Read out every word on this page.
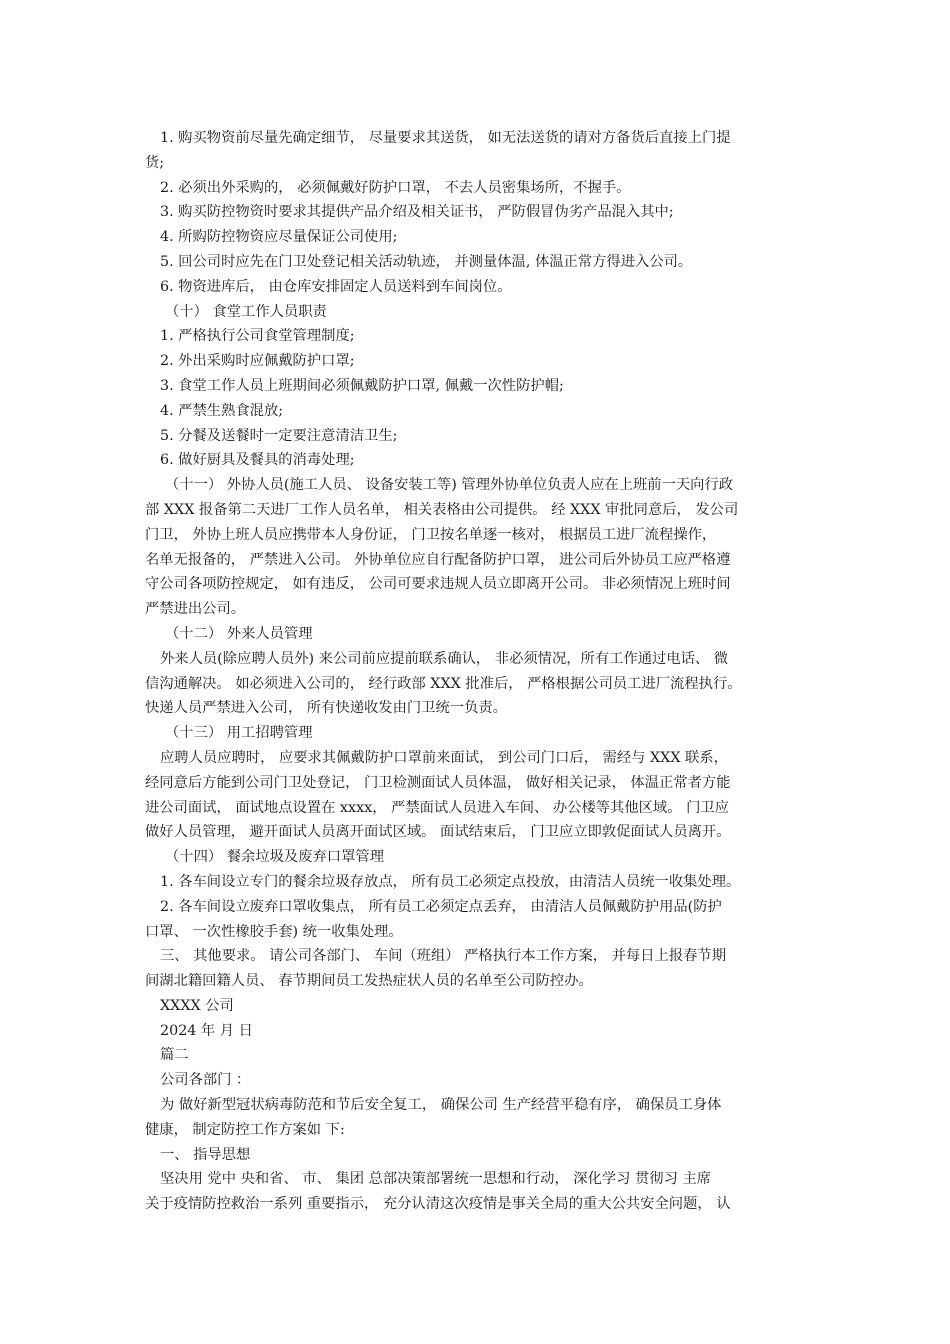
1. 购买物资前尽量先确定细节， 尽量要求其送货， 如无法送货的请对方备货后直接上门提
货;
2. 必须出外采购的， 必须佩戴好防护口罩， 不去人员密集场所，不握手。
3. 购买防控物资时要求其提供产品介绍及相关证书， 严防假冒伪劣产品混入其中;
4. 所购防控物资应尽量保证公司使用;
5. 回公司时应先在门卫处登记相关活动轨迹， 并测量体温, 体温正常方得进入公司。
6. 物资进库后， 由仓库安排固定人员送料到车间岗位。
（十） 食堂工作人员职责
1. 严格执行公司食堂管理制度;
2. 外出采购时应佩戴防护口罩;
3. 食堂工作人员上班期间必须佩戴防护口罩, 佩戴一次性防护帽;
4. 严禁生熟食混放;
5. 分餐及送餐时一定要注意清洁卫生;
6. 做好厨具及餐具的消毒处理;
（十一） 外协人员(施工人员、 设备安装工等) 管理外协单位负责人应在上班前一天向行政
部 XXX 报备第二天进厂工作人员名单， 相关表格由公司提供。 经 XXX 审批同意后， 发公司
门卫， 外协上班人员应携带本人身份证， 门卫按名单逐一核对， 根据员工进厂流程操作，
名单无报备的， 严禁进入公司。 外协单位应自行配备防护口罩， 进公司后外协员工应严格遵
守公司各项防控规定， 如有违反， 公司可要求违规人员立即离开公司。 非必须情况上班时间
严禁进出公司。
（十二） 外来人员管理
外来人员(除应聘人员外) 来公司前应提前联系确认， 非必须情况，所有工作通过电话、 微
信沟通解决。 如必须进入公司的， 经行政部 XXX 批准后， 严格根据公司员工进厂流程执行。
快递人员严禁进入公司， 所有快递收发由门卫统一负责。
（十三） 用工招聘管理
应聘人员应聘时， 应要求其佩戴防护口罩前来面试， 到公司门口后， 需经与 XXX 联系，
经同意后方能到公司门卫处登记， 门卫检测面试人员体温， 做好相关记录， 体温正常者方能
进公司面试， 面试地点设置在 xxxx， 严禁面试人员进入车间、 办公楼等其他区域。 门卫应
做好人员管理， 避开面试人员离开面试区域。 面试结束后， 门卫应立即敦促面试人员离开。
（十四） 餐余垃圾及废弃口罩管理
1. 各车间设立专门的餐余垃圾存放点， 所有员工必须定点投放，由清洁人员统一收集处理。
2. 各车间设立废弃口罩收集点， 所有员工必须定点丢弃， 由清洁人员佩戴防护用品(防护
口罩、 一次性橡胶手套) 统一收集处理。
三、 其他要求。 请公司各部门、 车间（班组） 严格执行本工作方案， 并每日上报春节期
间湖北籍回籍人员、 春节期间员工发热症状人员的名单至公司防控办。
XXXX 公司
2024 年 月 日
篇二
公司各部门 ：
为 做好新型冠状病毒防范和节后安全复工， 确保公司 生产经营平稳有序， 确保员工身体
健康， 制定防控工作方案如 下:
一、 指导思想
坚决用 党中 央和省、 市、 集团 总部决策部署统一思想和行动， 深化学习 贯彻习 主席
关于疫情防控救治一系列 重要指示， 充分认清这次疫情是事关全局的重大公共安全问题， 认
